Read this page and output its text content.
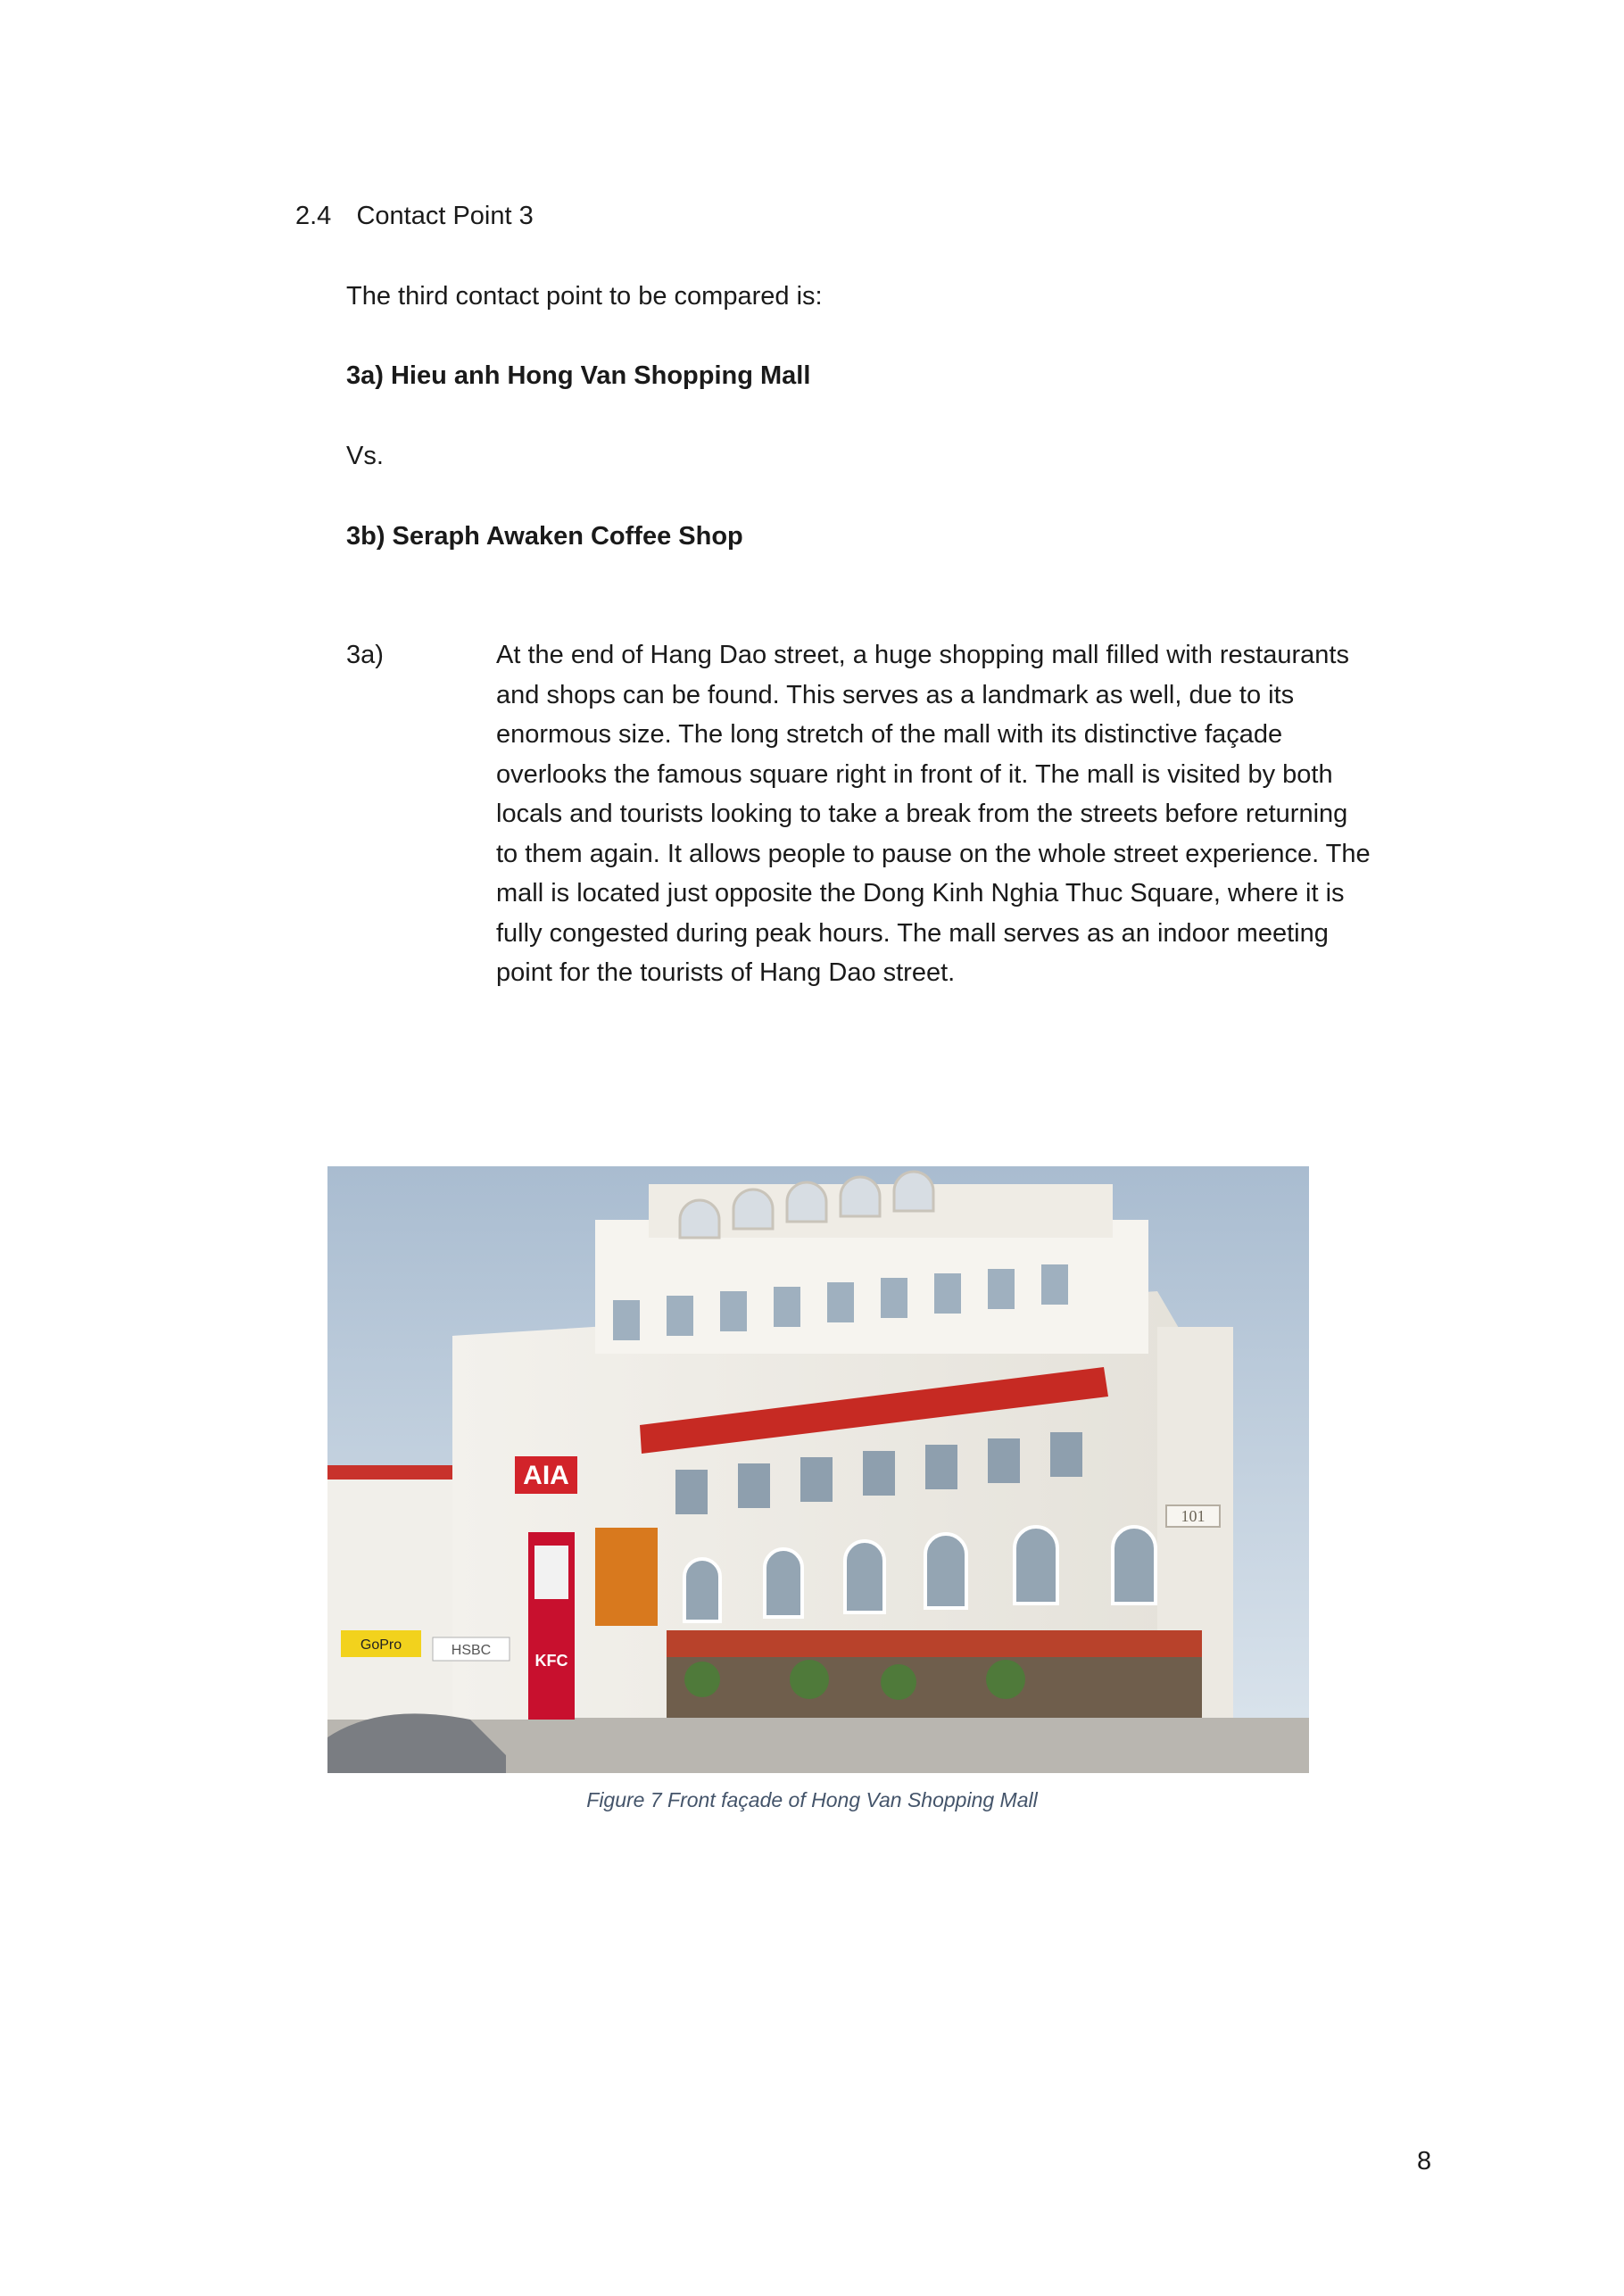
2.4 Contact Point 3
The third contact point to be compared is:
3a) Hieu anh Hong Van Shopping Mall
Vs.
3b) Seraph Awaken Coffee Shop
3a)	At the end of Hang Dao street, a huge shopping mall filled with restaurants
and shops can be found. This serves as a landmark as well, due to its
enormous size. The long stretch of the mall with its distinctive façade
overlooks the famous square right in front of it. The mall is visited by both
locals and tourists looking to take a break from the streets before returning
to them again. It allows people to pause on the whole street experience. The
mall is located just opposite the Dong Kinh Nghia Thuc Square, where it is
fully congested during peak hours. The mall serves as an indoor meeting
point for the tourists of Hang Dao street.
101
AIA
KFC
HSBC
GoPro
Figure 7 Front façade of Hong Van Shopping Mall
8
